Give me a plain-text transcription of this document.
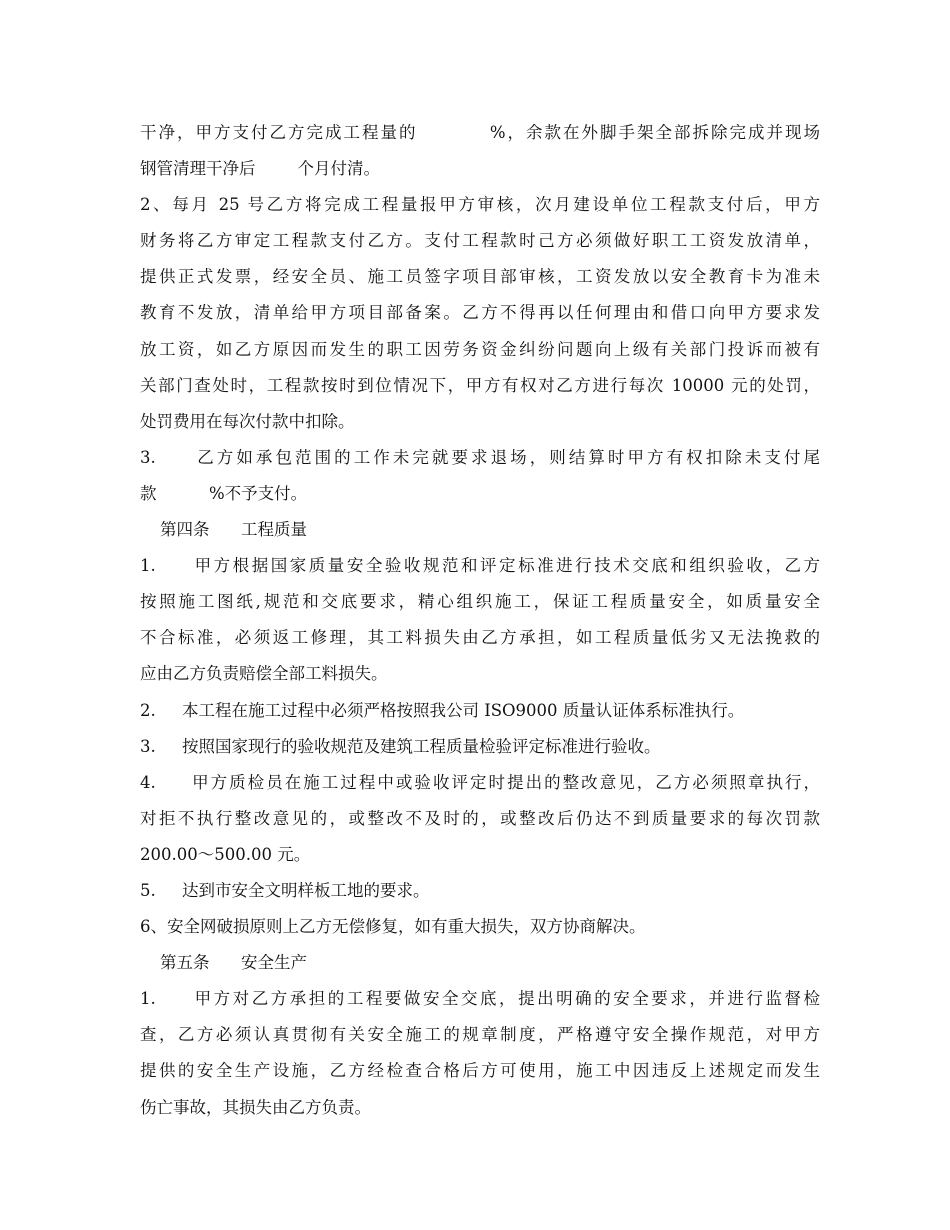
干净，甲方支付乙方完成工程量的          %，余款在外脚手架全部拆除完成并现场
钢管清理干净后        个月付清。
2、每月 25 号乙方将完成工程量报甲方审核，次月建设单位工程款支付后，甲方
财务将乙方审定工程款支付乙方。支付工程款时己方必须做好职工工资发放清单，
提供正式发票，经安全员、施工员签字项目部审核，工资发放以安全教育卡为准未
教育不发放，清单给甲方项目部备案。乙方不得再以任何理由和借口向甲方要求发
放工资，如乙方原因而发生的职工因劳务资金纠纷问题向上级有关部门投诉而被有
关部门查处时，工程款按时到位情况下，甲方有权对乙方进行每次 10000 元的处罚，
处罚费用在每次付款中扣除。
3.     乙方如承包范围的工作未完就要求退场，则结算时甲方有权扣除未支付尾
款          %不予支付。
第四条      工程质量
1.     甲方根据国家质量安全验收规范和评定标准进行技术交底和组织验收，乙方
按照施工图纸,规范和交底要求，精心组织施工，保证工程质量安全，如质量安全
不合标准，必须返工修理，其工料损失由乙方承担，如工程质量低劣又无法挽救的
应由乙方负责赔偿全部工料损失。
2.     本工程在施工过程中必须严格按照我公司 ISO9000 质量认证体系标准执行。
3.     按照国家现行的验收规范及建筑工程质量检验评定标准进行验收。
4.     甲方质检员在施工过程中或验收评定时提出的整改意见，乙方必须照章执行，
对拒不执行整改意见的，或整改不及时的，或整改后仍达不到质量要求的每次罚款
200.00～500.00 元。
5.     达到市安全文明样板工地的要求。
6、安全网破损原则上乙方无偿修复，如有重大损失，双方协商解决。
第五条      安全生产
1.     甲方对乙方承担的工程要做安全交底，提出明确的安全要求，并进行监督检
查，乙方必须认真贯彻有关安全施工的规章制度，严格遵守安全操作规范，对甲方
提供的安全生产设施，乙方经检查合格后方可使用，施工中因违反上述规定而发生
伤亡事故，其损失由乙方负责。
